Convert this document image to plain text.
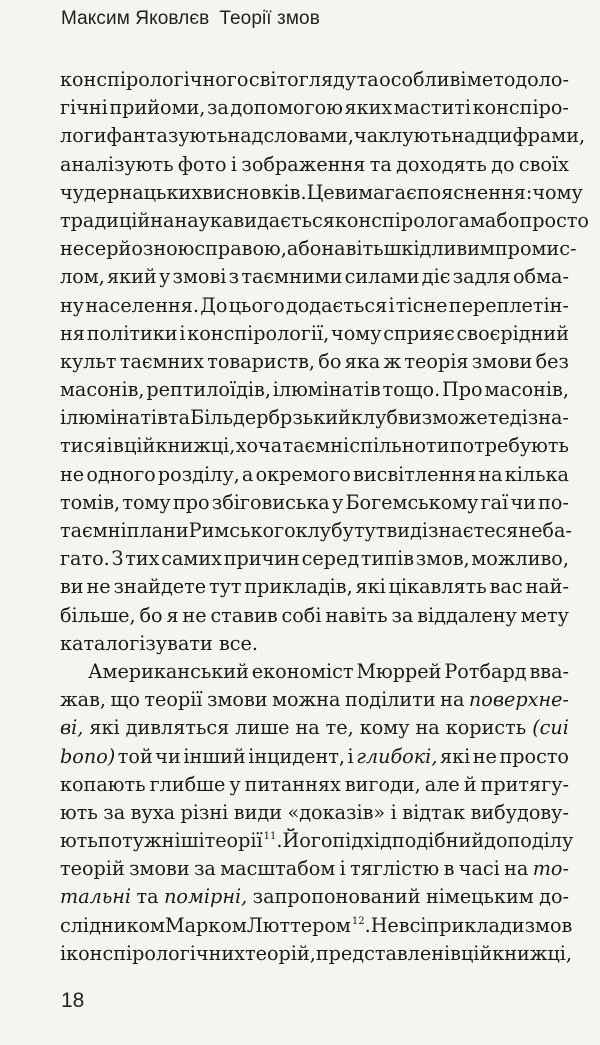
Максим Яковлєв Теорії змов
конспірологічного світогляду та особливі методоло-
гічні прийоми, за допомогою яких маститі конспіро-
логи фантазують над словами, чаклують над цифрами,
аналізують фото і зображення та доходять до своїх
чудернацьких висновків. Це вимагає пояснення: чому
традиційна наука видається конспірологам або просто
несерйозною справою, або навіть шкідливим промис-
лом, який у змові з таємними силами діє задля обма-
ну населення. До цього додається і тісне переплетін-
ня політики і конспірології, чому сприяє своєрідний
культ таємних товариств, бо яка ж теорія змови без
масонів, рептилоїдів, ілюмінатів тощо. Про масонів,
ілюмінатів та Більдербрзький клуб ви зможете дізна-
тися і в цій книжці, хоча таємні спільноти потребують
не одного розділу, а окремого висвітлення на кілька
томів, тому про збіговиська у Богемському гаї чи по-
таємні плани Римського клубу тут ви дізнаєтеся неба-
гато. З тих самих причин серед типів змов, можливо,
ви не знайдете тут прикладів, які цікавлять вас най-
більше, бо я не ставив собі навіть за віддалену мету
каталогізувати
все.
Американський економіст Мюррей Ротбард вва-
жав, що теорії змови можна поділити на поверхне-
ві, які дивляться лише на те, кому на користь (cui
bono) той чи інший інцидент, і глибокі, які не просто
копають глибше у питаннях вигоди, але й притягу-
ють за вуха різні види «доказів» і відтак вибудову-
ють потужніші теорії$^{11}$. Його підхід подібний до поділу
теорій змови за масштабом і тяглістю в часі на то-
тальні та помірні, запропонований німецьким до-
слідником Марком Люттером$^{12}$. Не всі приклади змов
і конспірологічних теорій, представлені в цій книжці,
18
